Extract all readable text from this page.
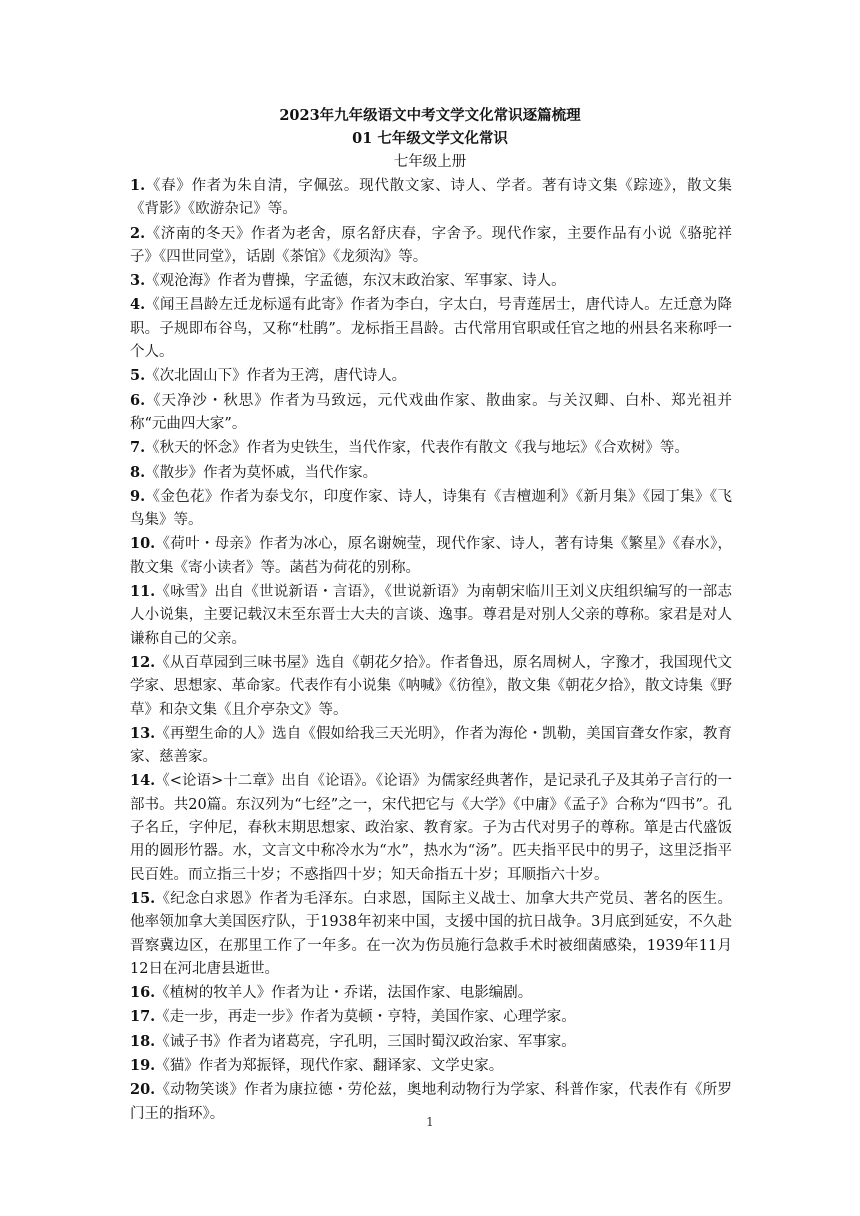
2023年九年级语文中考文学文化常识逐篇梳理
01 七年级文学文化常识
七年级上册

1.《春》作者为朱自清，字佩弦。现代散文家、诗人、学者。著有诗文集《踪迹》，散文集《背影》《欧游杂记》等。

2.《济南的冬天》作者为老舍，原名舒庆春，字舍予。现代作家，主要作品有小说《骆驼祥子》《四世同堂》，话剧《茶馆》《龙须沟》等。

3.《观沧海》作者为曹操，字孟德，东汉末政治家、军事家、诗人。

4.《闻王昌龄左迁龙标遥有此寄》作者为李白，字太白，号青莲居士，唐代诗人。左迁意为降职。子规即布谷鸟，又称“杜鹃”。龙标指王昌龄。古代常用官职或任官之地的州县名来称呼一个人。

5.《次北固山下》作者为王湾，唐代诗人。

6.《天净沙・秋思》作者为马致远，元代戏曲作家、散曲家。与关汉卿、白朴、郑光祖并称“元曲四大家”。

7.《秋天的怀念》作者为史铁生，当代作家，代表作有散文《我与地坛》《合欢树》等。

8.《散步》作者为莫怀戚，当代作家。

9.《金色花》作者为泰戈尔，印度作家、诗人，诗集有《吉檀迦利》《新月集》《园丁集》《飞鸟集》等。

10.《荷叶・母亲》作者为冰心，原名谢婉莹，现代作家、诗人，著有诗集《繁星》《春水》，散文集《寄小读者》等。菡萏为荷花的别称。

11.《咏雪》出自《世说新语・言语》，《世说新语》为南朝宋临川王刘义庆组织编写的一部志人小说集，主要记载汉末至东晋士大夫的言谈、逸事。尊君是对别人父亲的尊称。家君是对人谦称自己的父亲。

12.《从百草园到三味书屋》选自《朝花夕拾》。作者鲁迅，原名周树人，字豫才，我国现代文学家、思想家、革命家。代表作有小说集《呐喊》《彷徨》，散文集《朝花夕拾》，散文诗集《野草》和杂文集《且介亭杂文》等。

13.《再塑生命的人》选自《假如给我三天光明》，作者为海伦・凯勒，美国盲聋女作家，教育家、慈善家。

14.《<论语>十二章》出自《论语》。《论语》为儒家经典著作，是记录孔子及其弟子言行的一部书。共20篇。东汉列为“七经”之一，宋代把它与《大学》《中庸》《孟子》合称为“四书”。孔子名丘，字仲尼，春秋末期思想家、政治家、教育家。子为古代对男子的尊称。箪是古代盛饭用的圆形竹器。水，文言文中称冷水为“水”，热水为“汤”。匹夫指平民中的男子，这里泛指平民百姓。而立指三十岁；不惑指四十岁；知天命指五十岁；耳顺指六十岁。

15.《纪念白求恩》作者为毛泽东。白求恩，国际主义战士、加拿大共产党员、著名的医生。他率领加拿大美国医疗队，于1938年初来中国，支援中国的抗日战争。3月底到延安，不久赴晋察冀边区，在那里工作了一年多。在一次为伤员施行急救手术时被细菌感染，1939年11月12日在河北唐县逝世。

16.《植树的牧羊人》作者为让・乔诺，法国作家、电影编剧。

17.《走一步，再走一步》作者为莫顿・亨特，美国作家、心理学家。

18.《诫子书》作者为诸葛亮，字孔明，三国时蜀汉政治家、军事家。

19.《猫》作者为郑振铎，现代作家、翻译家、文学史家。

20.《动物笑谈》作者为康拉德・劳伦兹，奥地利动物行为学家、科普作家，代表作有《所罗门王的指环》。

1
